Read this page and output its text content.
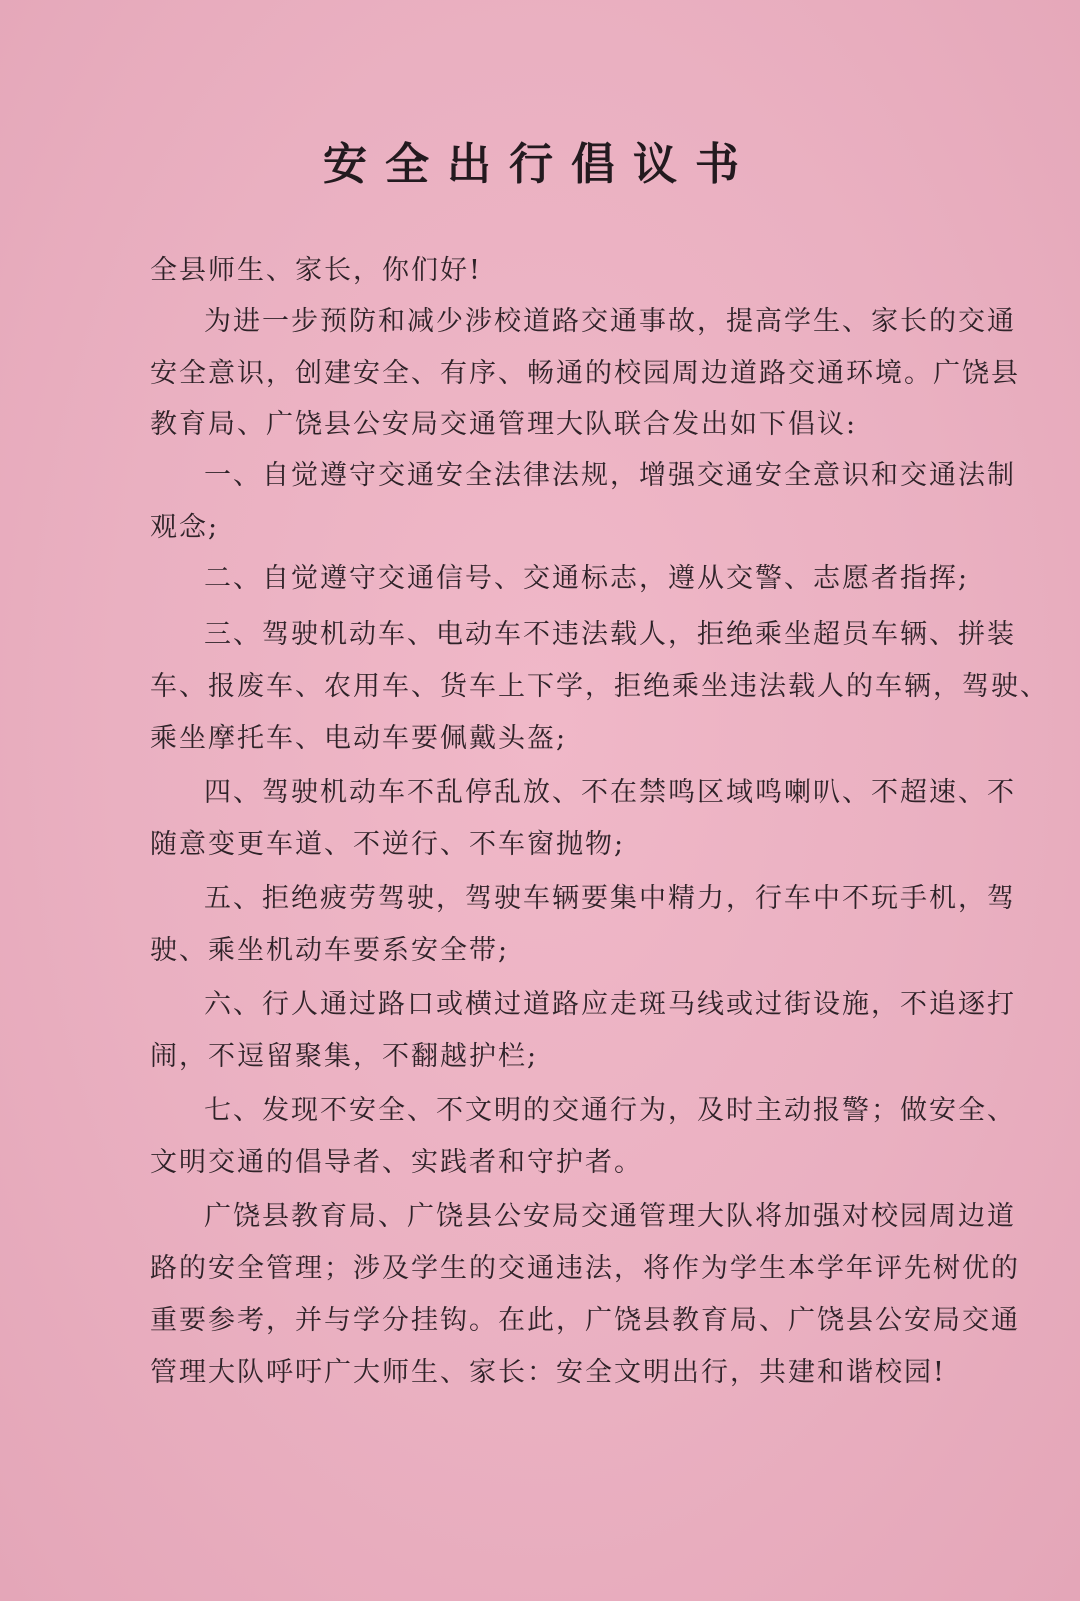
安全出行倡议书
全县师生、家长，你们好!
为进一步预防和减少涉校道路交通事故，提高学生、家长的交通
安全意识，创建安全、有序、畅通的校园周边道路交通环境。广饶县
教育局、广饶县公安局交通管理大队联合发出如下倡议:
一、自觉遵守交通安全法律法规，增强交通安全意识和交通法制
观念;
二、自觉遵守交通信号、交通标志，遵从交警、志愿者指挥;
三、驾驶机动车、电动车不违法载人，拒绝乘坐超员车辆、拼装
车、报废车、农用车、货车上下学，拒绝乘坐违法载人的车辆，驾驶、
乘坐摩托车、电动车要佩戴头盔;
四、驾驶机动车不乱停乱放、不在禁鸣区域鸣喇叭、不超速、不
随意变更车道、不逆行、不车窗抛物;
五、拒绝疲劳驾驶，驾驶车辆要集中精力，行车中不玩手机，驾
驶、乘坐机动车要系安全带;
六、行人通过路口或横过道路应走斑马线或过街设施，不追逐打
闹，不逗留聚集，不翻越护栏;
七、发现不安全、不文明的交通行为，及时主动报警；做安全、
文明交通的倡导者、实践者和守护者。
广饶县教育局、广饶县公安局交通管理大队将加强对校园周边道
路的安全管理；涉及学生的交通违法，将作为学生本学年评先树优的
重要参考，并与学分挂钩。在此，广饶县教育局、广饶县公安局交通
管理大队呼吁广大师生、家长：安全文明出行，共建和谐校园!
